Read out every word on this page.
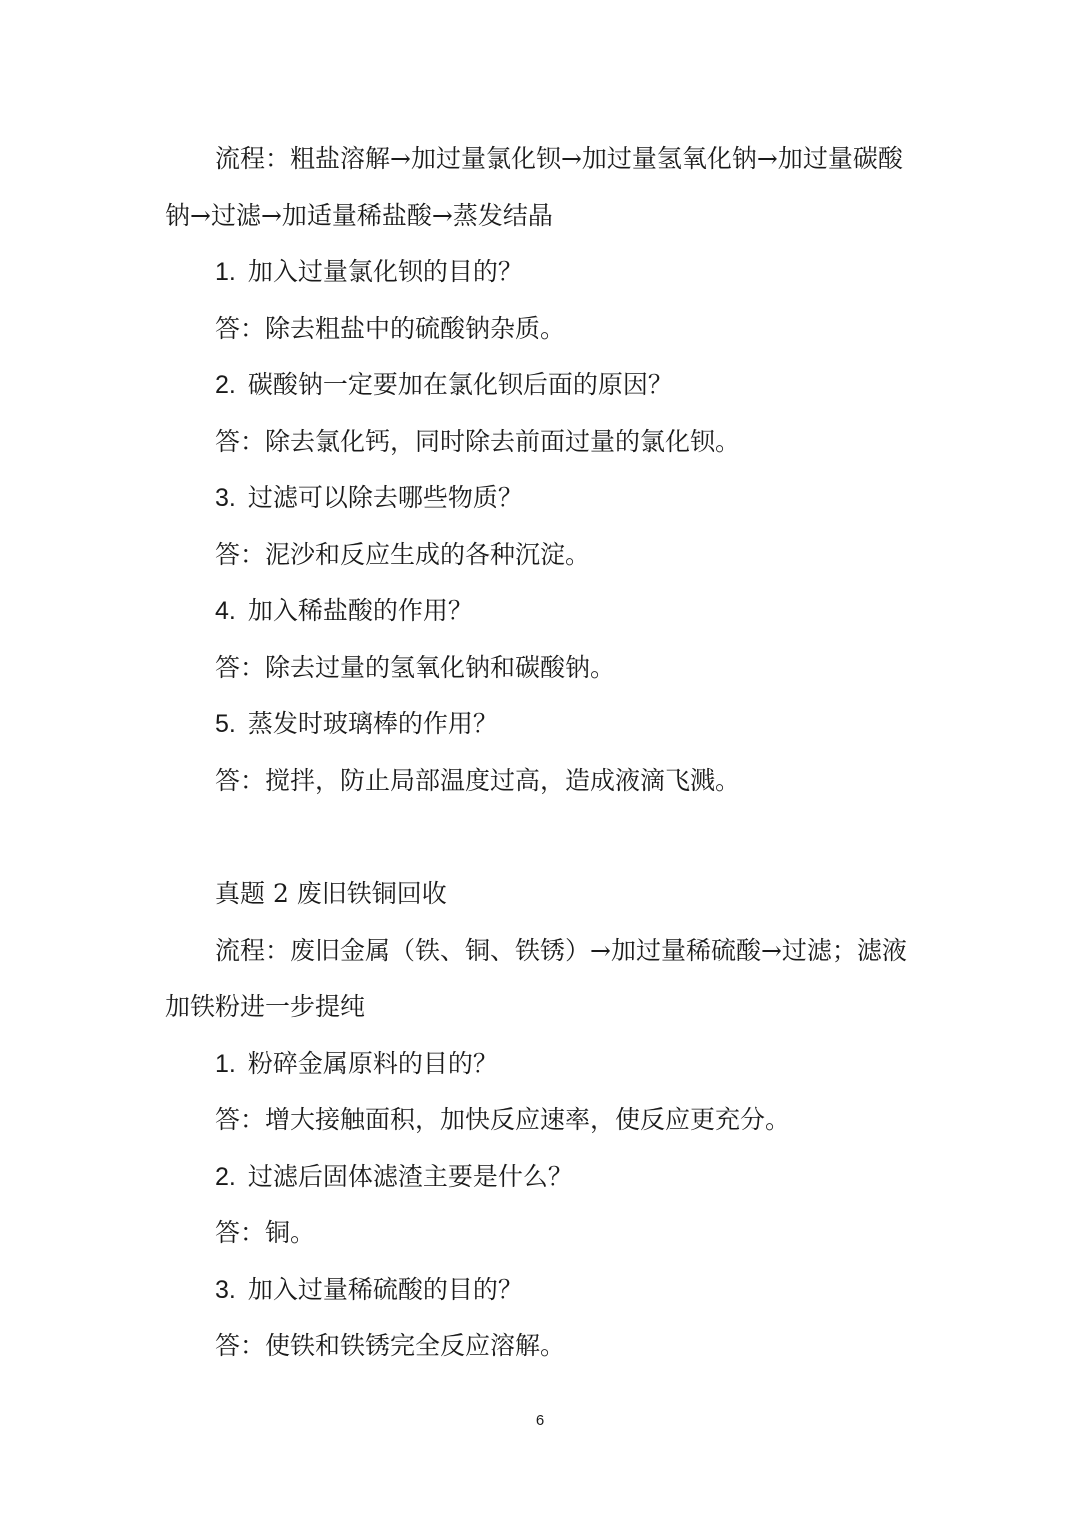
流程：粗盐溶解→加过量氯化钡→加过量氢氧化钠→加过量碳酸
钠→过滤→加适量稀盐酸→蒸发结晶
1. 加入过量氯化钡的目的？
答：除去粗盐中的硫酸钠杂质。
2. 碳酸钠一定要加在氯化钡后面的原因？
答：除去氯化钙，同时除去前面过量的氯化钡。
3. 过滤可以除去哪些物质？
答：泥沙和反应生成的各种沉淀。
4. 加入稀盐酸的作用？
答：除去过量的氢氧化钠和碳酸钠。
5. 蒸发时玻璃棒的作用？
答：搅拌，防止局部温度过高，造成液滴飞溅。
真题 2 废旧铁铜回收
流程：废旧金属（铁、铜、铁锈）→加过量稀硫酸→过滤；滤液
加铁粉进一步提纯
1. 粉碎金属原料的目的？
答：增大接触面积，加快反应速率，使反应更充分。
2. 过滤后固体滤渣主要是什么？
答：铜。
3. 加入过量稀硫酸的目的？
答：使铁和铁锈完全反应溶解。
6
